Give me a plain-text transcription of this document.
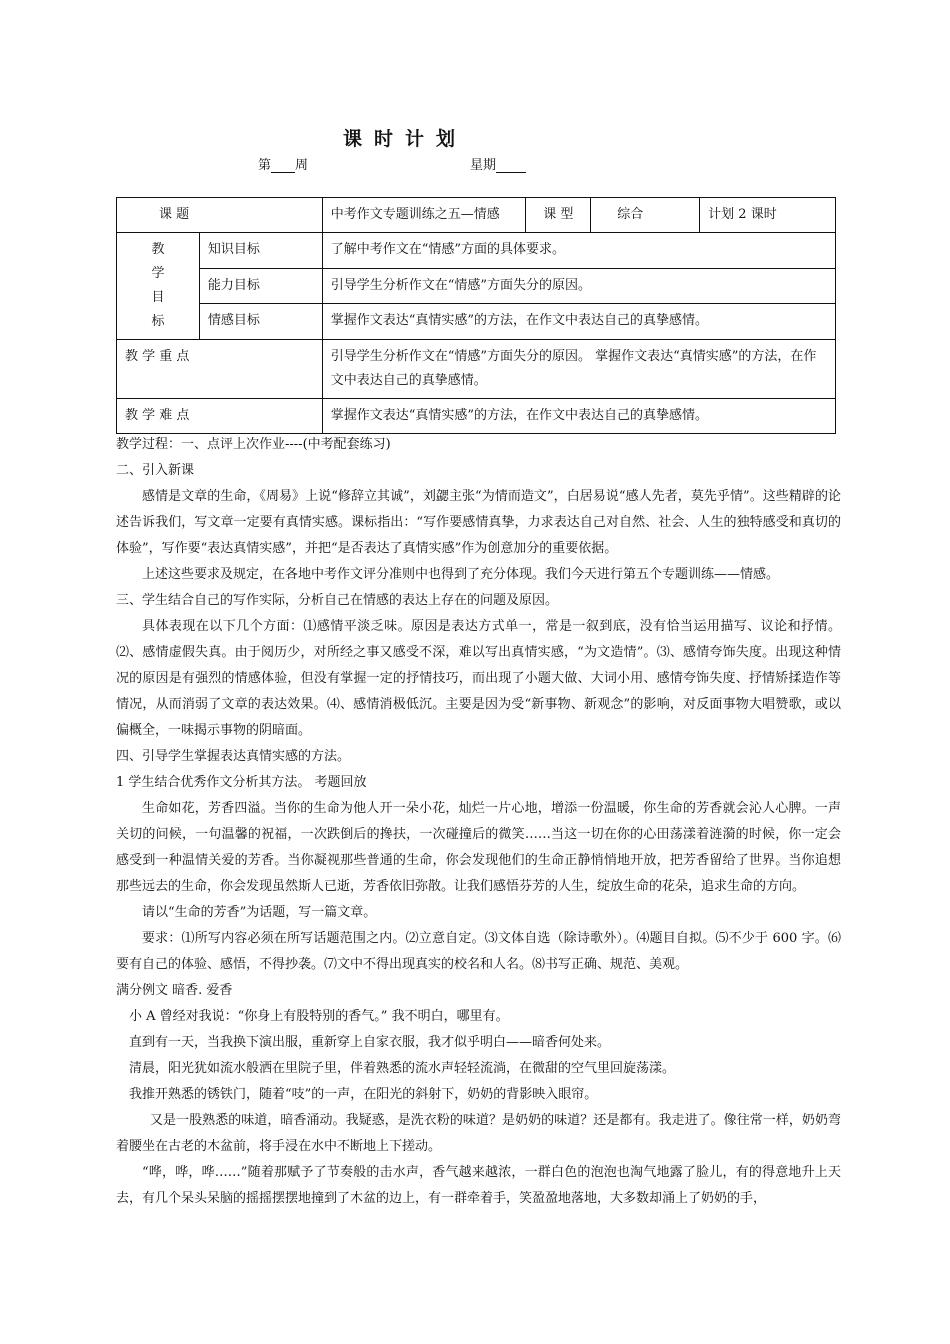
课时计划
第 周	星期
课 题		中考作文专题训练之五—情感	课 型	综合	计划 2 课时

教
学
目
标	知识目标	了解中考作文在“情感”方面的具体要求。			
	能力目标	引导学生分析作文在“情感”方面失分的原因。			
	情感目标	掌握作文表达“真情实感”的方法，在作文中表达自己的真挚感情。			
教 学 重 点		引导学生分析作文在“情感”方面失分的原因。 掌握作文表达“真情实感”的方法，在作文中表达自己的真挚感情。			
教 学 难 点		掌握作文表达“真情实感”的方法，在作文中表达自己的真挚感情。			

教学过程：一、点评上次作业----(中考配套练习)

二、引入新课

感情是文章的生命，《周易》上说“修辞立其诚”，刘勰主张“为情而造文”，白居易说“感人先者，莫先乎情”。这些精辟的论述告诉我们，写文章一定要有真情实感。课标指出：“写作要感情真挚，力求表达自己对自然、社会、人生的独特感受和真切的体验”，写作要“表达真情实感”，并把“是否表达了真情实感”作为创意加分的重要依据。

上述这些要求及规定，在各地中考作文评分准则中也得到了充分体现。我们今天进行第五个专题训练——情感。

三、学生结合自己的写作实际，分析自己在情感的表达上存在的问题及原因。

具体表现在以下几个方面：⑴感情平淡乏味。原因是表达方式单一，常是一叙到底，没有恰当运用描写、议论和抒情。⑵、感情虚假失真。由于阅历少，对所经之事又感受不深，难以写出真情实感，“为文造情”。⑶、感情夸饰失度。出现这种情况的原因是有强烈的情感体验，但没有掌握一定的抒情技巧，而出现了小题大做、大词小用、感情夸饰失度、抒情矫揉造作等情况，从而消弱了文章的表达效果。⑷、感情消极低沉。主要是因为受“新事物、新观念”的影响，对反面事物大唱赞歌，或以偏概全，一味揭示事物的阴暗面。

四、引导学生掌握表达真情实感的方法。

1 学生结合优秀作文分析其方法。 考题回放

生命如花，芳香四溢。当你的生命为他人开一朵小花，灿烂一片心地，增添一份温暖，你生命的芳香就会沁人心脾。一声关切的问候，一句温馨的祝福，一次跌倒后的搀扶，一次碰撞后的微笑……当这一切在你的心田荡漾着涟漪的时候，你一定会感受到一种温情关爱的芳香。当你凝视那些普通的生命，你会发现他们的生命正静悄悄地开放，把芳香留给了世界。当你追想那些远去的生命，你会发现虽然斯人已逝，芳香依旧弥散。让我们感悟芬芳的人生，绽放生命的花朵，追求生命的方向。

请以“生命的芳香”为话题，写一篇文章。

要求：⑴所写内容必须在所写话题范围之内。⑵立意自定。⑶文体自选（除诗歌外）。⑷题目自拟。⑸不少于 600 字。⑹要有自己的体验、感悟，不得抄袭。⑺文中不得出现真实的校名和人名。⑻书写正确、规范、美观。

满分例文 暗香. 爱香

小 A 曾经对我说：“你身上有股特别的香气。” 我不明白，哪里有。

直到有一天，当我换下演出服，重新穿上自家衣服，我才似乎明白——暗香何处来。

清晨，阳光犹如流水般洒在里院子里，伴着熟悉的流水声轻轻流淌，在微甜的空气里回旋荡漾。

我推开熟悉的锈铁门，随着“吱”的一声，在阳光的斜射下，奶奶的背影映入眼帘。

又是一股熟悉的味道，暗香涌动。我疑惑，是洗衣粉的味道？是奶奶的味道？还是都有。我走进了。像往常一样，奶奶弯着腰坐在古老的木盆前，将手浸在水中不断地上下搓动。

“哗，哗，哗……”随着那赋予了节奏般的击水声，香气越来越浓，一群白色的泡泡也淘气地露了脸儿，有的得意地升上天去，有几个呆头呆脑的摇摇摆摆地撞到了木盆的边上，有一群牵着手，笑盈盈地落地，大多数却涌上了奶奶的手，
